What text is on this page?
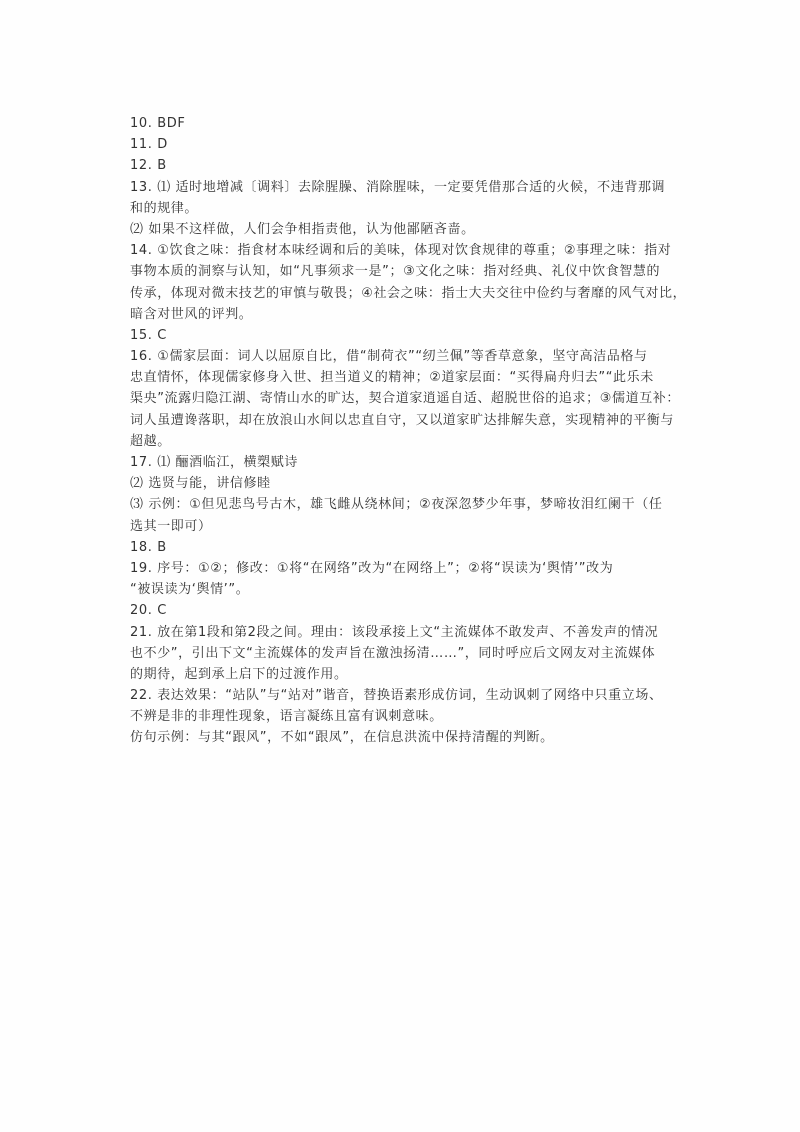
10. BDF
11. D
12. B
13. ⑴ 适时地增减〔调料〕去除腥臊、消除腥味，一定要凭借那合适的火候，不违背那调
和的规律。
⑵ 如果不这样做，人们会争相指责他，认为他鄙陋吝啬。
14. ①饮食之味：指食材本味经调和后的美味，体现对饮食规律的尊重；②事理之味：指对
事物本质的洞察与认知，如“凡事须求一是”；③文化之味：指对经典、礼仪中饮食智慧的
传承，体现对微末技艺的审慎与敬畏；④社会之味：指士大夫交往中俭约与奢靡的风气对比，
暗含对世风的评判。
15. C
16. ①儒家层面：词人以屈原自比，借“制荷衣”“纫兰佩”等香草意象，坚守高洁品格与
忠直情怀，体现儒家修身入世、担当道义的精神；②道家层面：“买得扁舟归去”“此乐未
渠央”流露归隐江湖、寄情山水的旷达，契合道家逍遥自适、超脱世俗的追求；③儒道互补：
词人虽遭谗落职，却在放浪山水间以忠直自守，又以道家旷达排解失意，实现精神的平衡与
超越。
17. ⑴ 酾酒临江，横槊赋诗
⑵ 选贤与能，讲信修睦
⑶ 示例：①但见悲鸟号古木，雄飞雌从绕林间；②夜深忽梦少年事，梦啼妆泪红阑干（任
选其一即可）
18. B
19. 序号：①②；修改：①将“在网络”改为“在网络上”；②将“误读为‘舆情’”改为
“被误读为‘舆情’”。
20. C
21. 放在第1段和第2段之间。理由：该段承接上文“主流媒体不敢发声、不善发声的情况
也不少”，引出下文“主流媒体的发声旨在激浊扬清……”，同时呼应后文网友对主流媒体
的期待，起到承上启下的过渡作用。
22. 表达效果：“站队”与“站对”谐音，替换语素形成仿词，生动讽刺了网络中只重立场、
不辨是非的非理性现象，语言凝练且富有讽刺意味。
仿句示例：与其“跟风”，不如“跟凤”，在信息洪流中保持清醒的判断。
